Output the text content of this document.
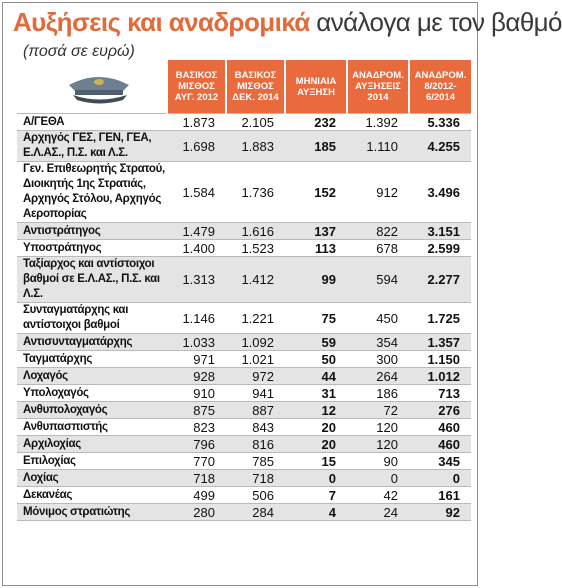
Αυξήσεις και αναδρομικά ανάλογα με τον βαθμό
(ποσά σε ευρώ)
	ΒΑΣΙΚΟΣ ΜΙΣΘΟΣ ΑΥΓ. 2012	ΒΑΣΙΚΟΣ ΜΙΣΘΟΣ ΔΕΚ. 2014	ΜΗΝΙΑΙΑ ΑΥΞΗΣΗ	ΑΝΑΔΡΟΜ. ΑΥΞΗΣΕΙΣ 2014	ΑΝΑΔΡΟΜ. 8/2012- 6/2014
Α/ΓΕΘΑ	1.873	2.105	232	1.392	5.336
Αρχηγός ΓΕΣ, ΓΕΝ, ΓΕΑ, Ε.Λ.ΑΣ., Π.Σ. και Λ.Σ.	1.698	1.883	185	1.110	4.255
Γεν. Επιθεωρητής Στρατού, Διοικητής 1ης Στρατιάς, Αρχηγός Στόλου, Αρχηγός Αεροπορίας	1.584	1.736	152	912	3.496
Αντιστράτηγος	1.479	1.616	137	822	3.151
Υποστράτηγος	1.400	1.523	113	678	2.599
Ταξίαρχος και αντίστοιχοι βαθμοί σε Ε.Λ.ΑΣ., Π.Σ. και Λ.Σ.	1.313	1.412	99	594	2.277
Συνταγματάρχης και αντίστοιχοι βαθμοί	1.146	1.221	75	450	1.725
Αντισυνταγματάρχης	1.033	1.092	59	354	1.357
Ταγματάρχης	971	1.021	50	300	1.150
Λοχαγός	928	972	44	264	1.012
Υπολοχαγός	910	941	31	186	713
Ανθυπολοχαγός	875	887	12	72	276
Ανθυπασπιστής	823	843	20	120	460
Αρχιλοχίας	796	816	20	120	460
Επιλοχίας	770	785	15	90	345
Λοχίας	718	718	0	0	0
Δεκανέας	499	506	7	42	161
Μόνιμος στρατιώτης	280	284	4	24	92
